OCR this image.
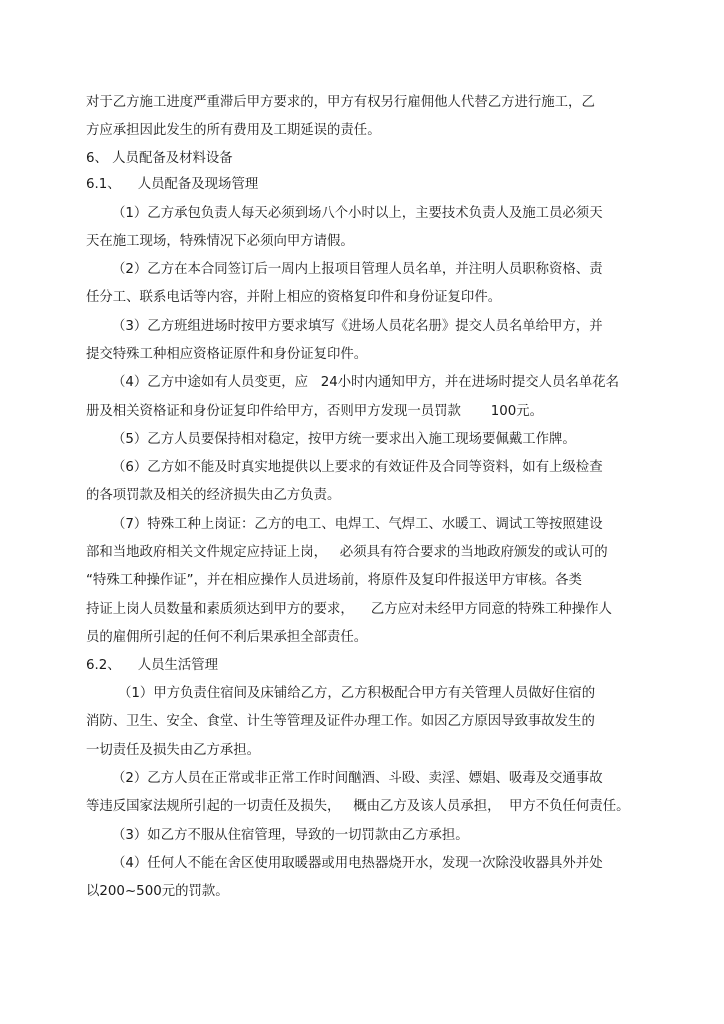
对于乙方施工进度严重滞后甲方要求的，甲方有权另行雇佣他人代替乙方进行施工，乙
方应承担因此发生的所有费用及工期延误的责任。
6、 人员配备及材料设备
6.1、    人员配备及现场管理
（1）乙方承包负责人每天必须到场八个小时以上，主要技术负责人及施工员必须天
天在施工现场，特殊情况下必须向甲方请假。
（2）乙方在本合同签订后一周内上报项目管理人员名单，并注明人员职称资格、责
任分工、联系电话等内容，并附上相应的资格复印件和身份证复印件。
（3）乙方班组进场时按甲方要求填写《进场人员花名册》提交人员名单给甲方，并
提交特殊工种相应资格证原件和身份证复印件。
（4）乙方中途如有人员变更，应   24小时内通知甲方，并在进场时提交人员名单花名
册及相关资格证和身份证复印件给甲方，否则甲方发现一员罚款       100元。
（5）乙方人员要保持相对稳定，按甲方统一要求出入施工现场要佩戴工作牌。
（6）乙方如不能及时真实地提供以上要求的有效证件及合同等资料，如有上级检查
的各项罚款及相关的经济损失由乙方负责。
（7）特殊工种上岗证：乙方的电工、电焊工、气焊工、水暖工、调试工等按照建设
部和当地政府相关文件规定应持证上岗，   必须具有符合要求的当地政府颁发的或认可的
“特殊工种操作证”，并在相应操作人员进场前，将原件及复印件报送甲方审核。各类
持证上岗人员数量和素质须达到甲方的要求，    乙方应对未经甲方同意的特殊工种操作人
员的雇佣所引起的任何不利后果承担全部责任。
6.2、    人员生活管理
（1）甲方负责住宿间及床铺给乙方，乙方积极配合甲方有关管理人员做好住宿的
消防、卫生、安全、食堂、计生等管理及证件办理工作。如因乙方原因导致事故发生的
一切责任及损失由乙方承担。
（2）乙方人员在正常或非正常工作时间酗酒、斗殴、卖淫、嫖娼、吸毒及交通事故
等违反国家法规所引起的一切责任及损失，   概由乙方及该人员承担，  甲方不负任何责任。
（3）如乙方不服从住宿管理，导致的一切罚款由乙方承担。
（4）任何人不能在舍区使用取暖器或用电热器烧开水，发现一次除没收器具外并处
以200~500元的罚款。
